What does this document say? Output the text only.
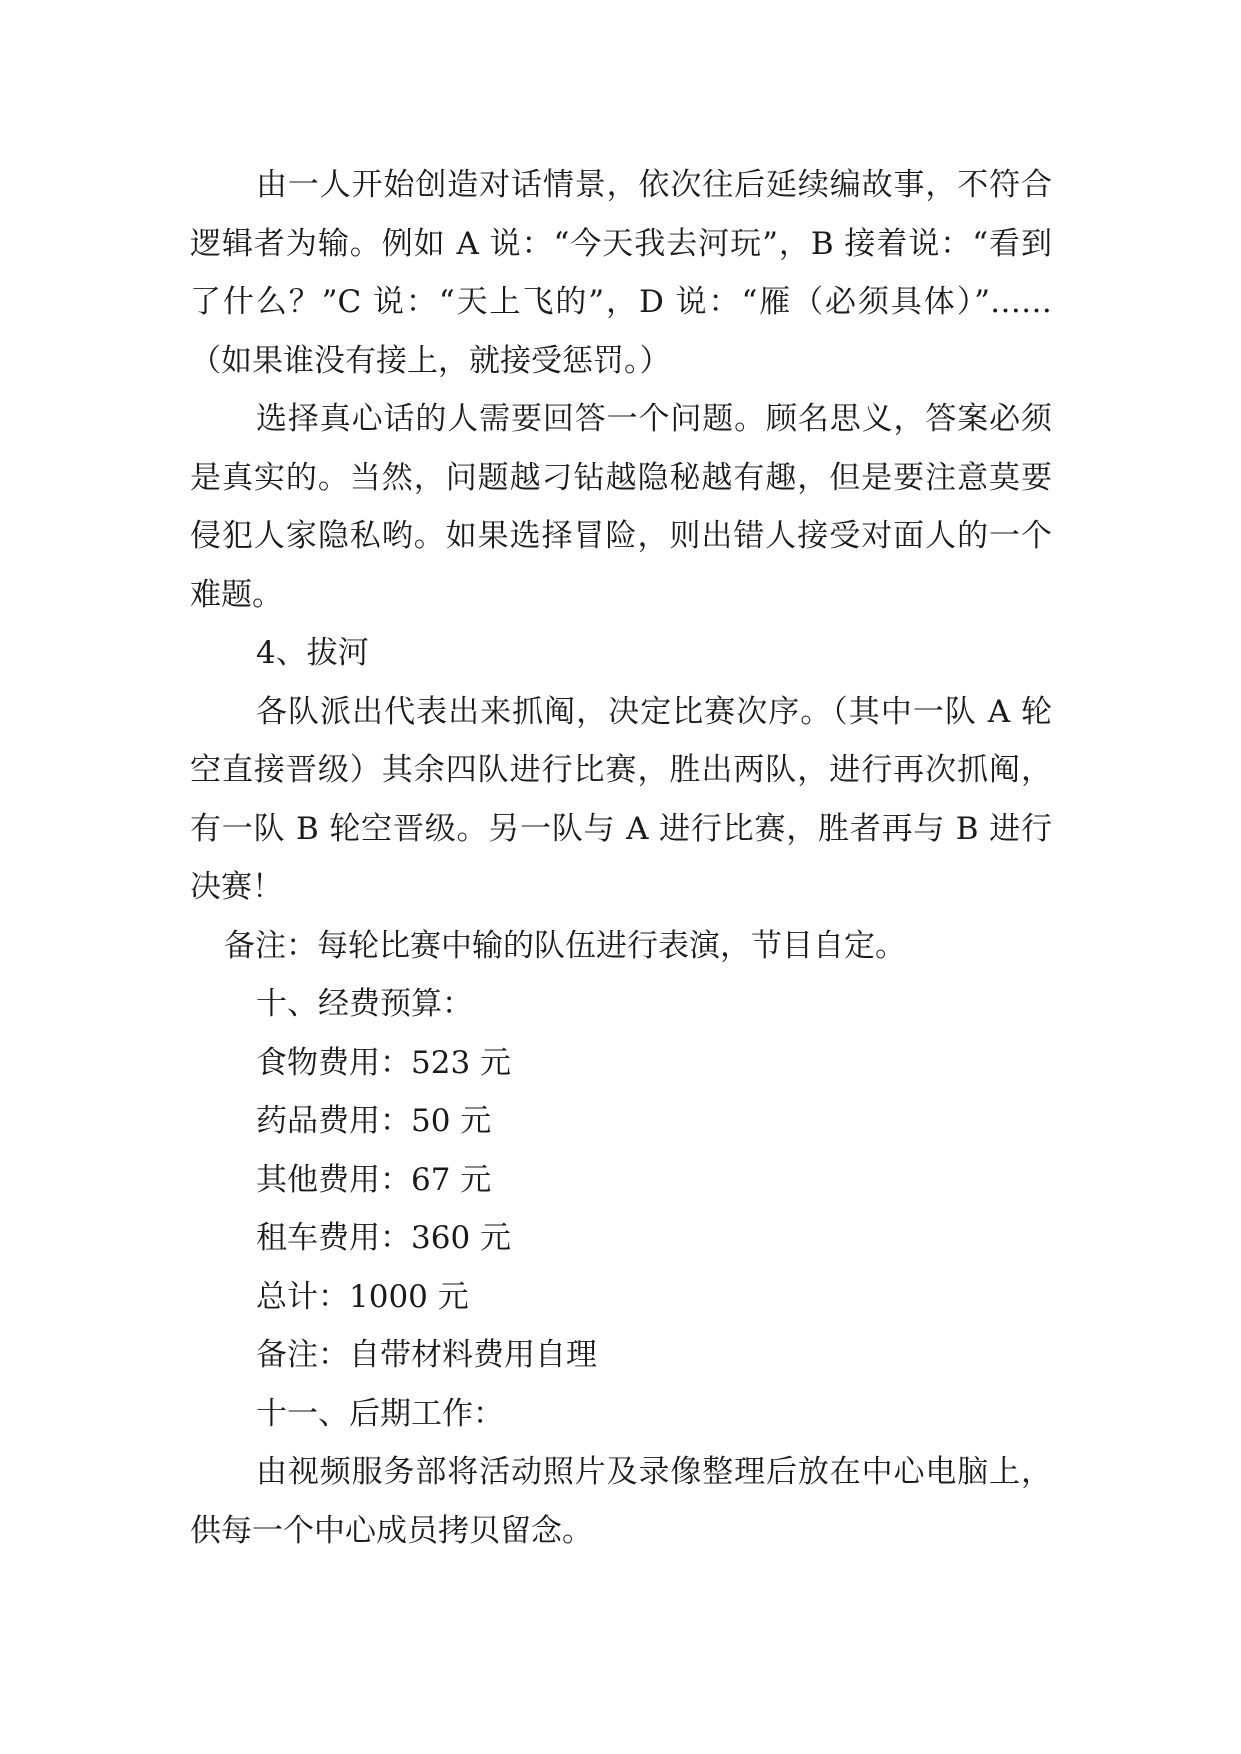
由一人开始创造对话情景，依次往后延续编故事，不符合逻辑者为输。例如 A 说：“今天我去河玩”，B 接着说：“看到了什么？”C 说：“天上飞的”，D 说：“雁（必须具体）”……（如果谁没有接上，就接受惩罚。）

选择真心话的人需要回答一个问题。顾名思义，答案必须是真实的。当然，问题越刁钻越隐秘越有趣，但是要注意莫要侵犯人家隐私哟。如果选择冒险，则出错人接受对面人的一个难题。

4、拔河

各队派出代表出来抓阄，决定比赛次序。（其中一队 A 轮空直接晋级）其余四队进行比赛，胜出两队，进行再次抓阄，有一队 B 轮空晋级。另一队与 A 进行比赛，胜者再与 B 进行决赛！

备注：每轮比赛中输的队伍进行表演，节目自定。

十、经费预算：

食物费用：523 元

药品费用：50 元

其他费用：67 元

租车费用：360 元

总计：1000 元

备注：自带材料费用自理

十一、后期工作：

由视频服务部将活动照片及录像整理后放在中心电脑上，供每一个中心成员拷贝留念。
